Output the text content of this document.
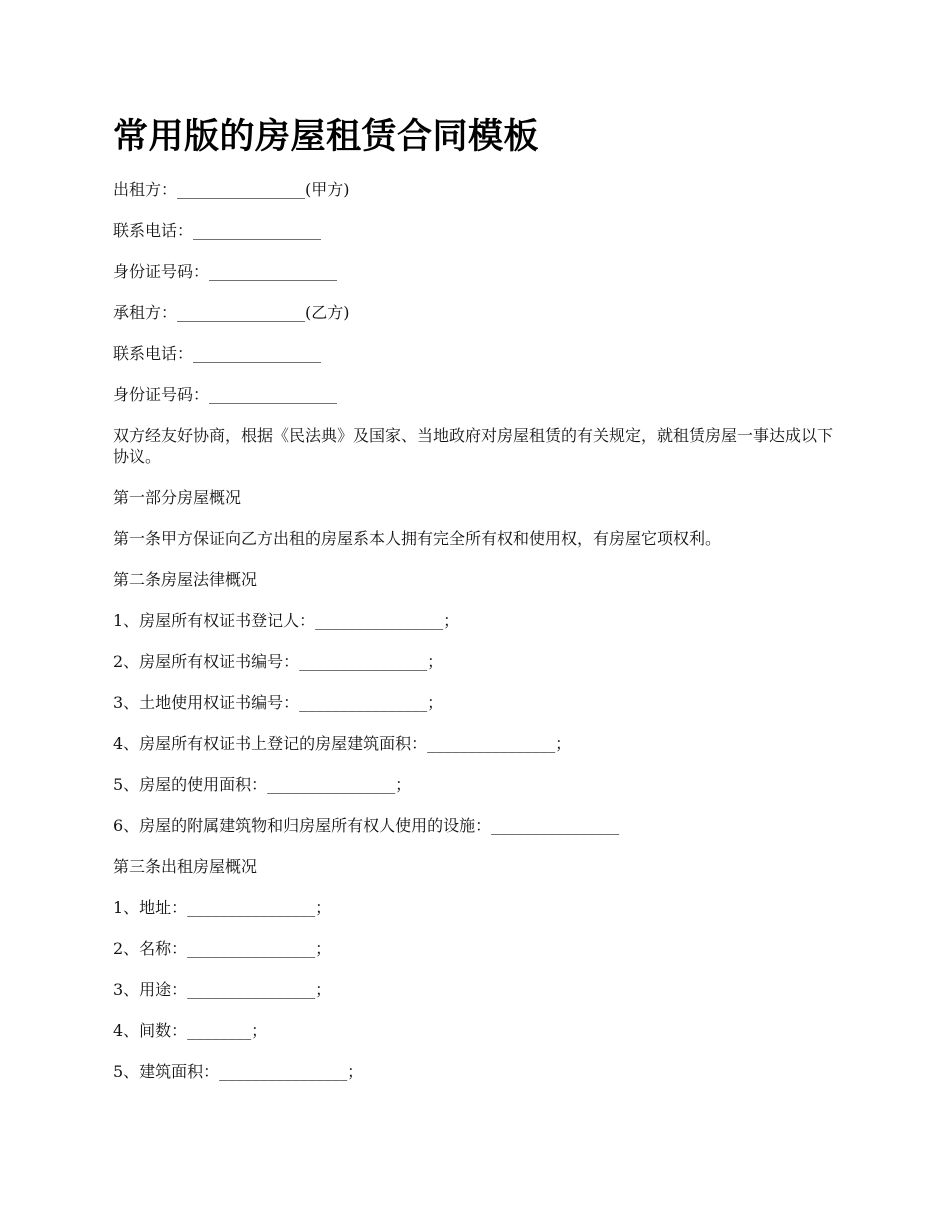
常用版的房屋租赁合同模板
出租方：________________(甲方)
联系电话：________________
身份证号码：________________
承租方：________________(乙方)
联系电话：________________
身份证号码：________________
双方经友好协商，根据《民法典》及国家、当地政府对房屋租赁的有关规定，就租赁房屋一事达成以下协议。
第一部分房屋概况
第一条甲方保证向乙方出租的房屋系本人拥有完全所有权和使用权，有房屋它项权利。
第二条房屋法律概况
1、房屋所有权证书登记人：________________；
2、房屋所有权证书编号：________________；
3、土地使用权证书编号：________________；
4、房屋所有权证书上登记的房屋建筑面积：________________；
5、房屋的使用面积：________________；
6、房屋的附属建筑物和归房屋所有权人使用的设施：________________
第三条出租房屋概况
1、地址：________________；
2、名称：________________；
3、用途：________________；
4、间数：________；
5、建筑面积：________________；
